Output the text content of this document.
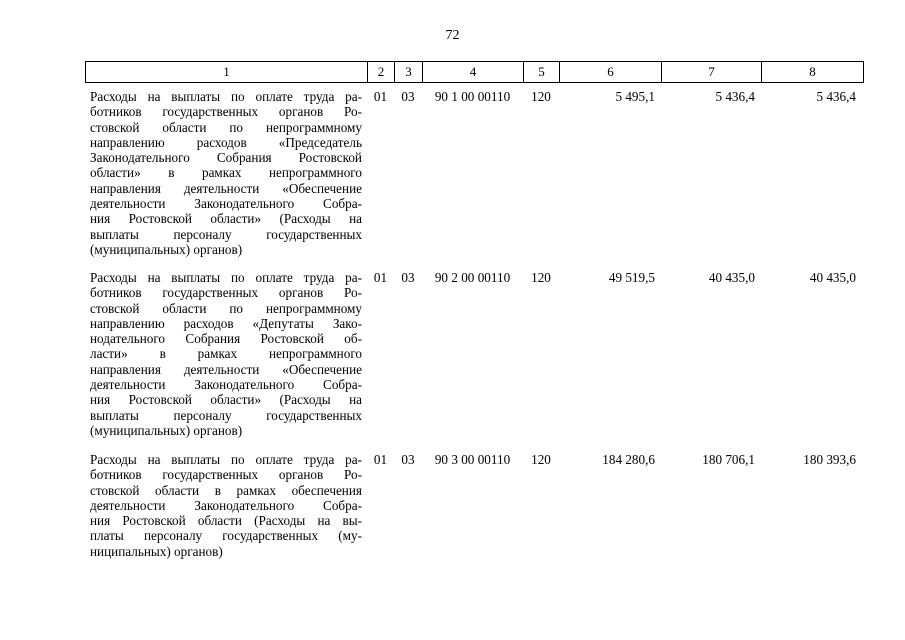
72
1	2	3	4	5	6	7	8
Расходы на выплаты по оплате труда ра-
ботников государственных органов Ро-
стовской области по непрограммному
направлению расходов «Председатель
Законодательного Собрания Ростовской
области» в рамках непрограммного
направления деятельности «Обеспечение
деятельности Законодательного Собра-
ния Ростовской области» (Расходы на
выплаты персоналу государственных
(муниципальных) органов)
01	03	90 1 00 00110	120	5 495,1	5 436,4	5 436,4
Расходы на выплаты по оплате труда ра-
ботников государственных органов Ро-
стовской области по непрограммному
направлению расходов «Депутаты Зако-
нодательного Собрания Ростовской об-
ласти» в рамках непрограммного
направления деятельности «Обеспечение
деятельности Законодательного Собра-
ния Ростовской области» (Расходы на
выплаты персоналу государственных
(муниципальных) органов)
01	03	90 2 00 00110	120	49 519,5	40 435,0	40 435,0
Расходы на выплаты по оплате труда ра-
ботников государственных органов Ро-
стовской области в рамках обеспечения
деятельности Законодательного Собра-
ния Ростовской области (Расходы на вы-
платы персоналу государственных (му-
ниципальных) органов)
01	03	90 3 00 00110	120	184 280,6	180 706,1	180 393,6
